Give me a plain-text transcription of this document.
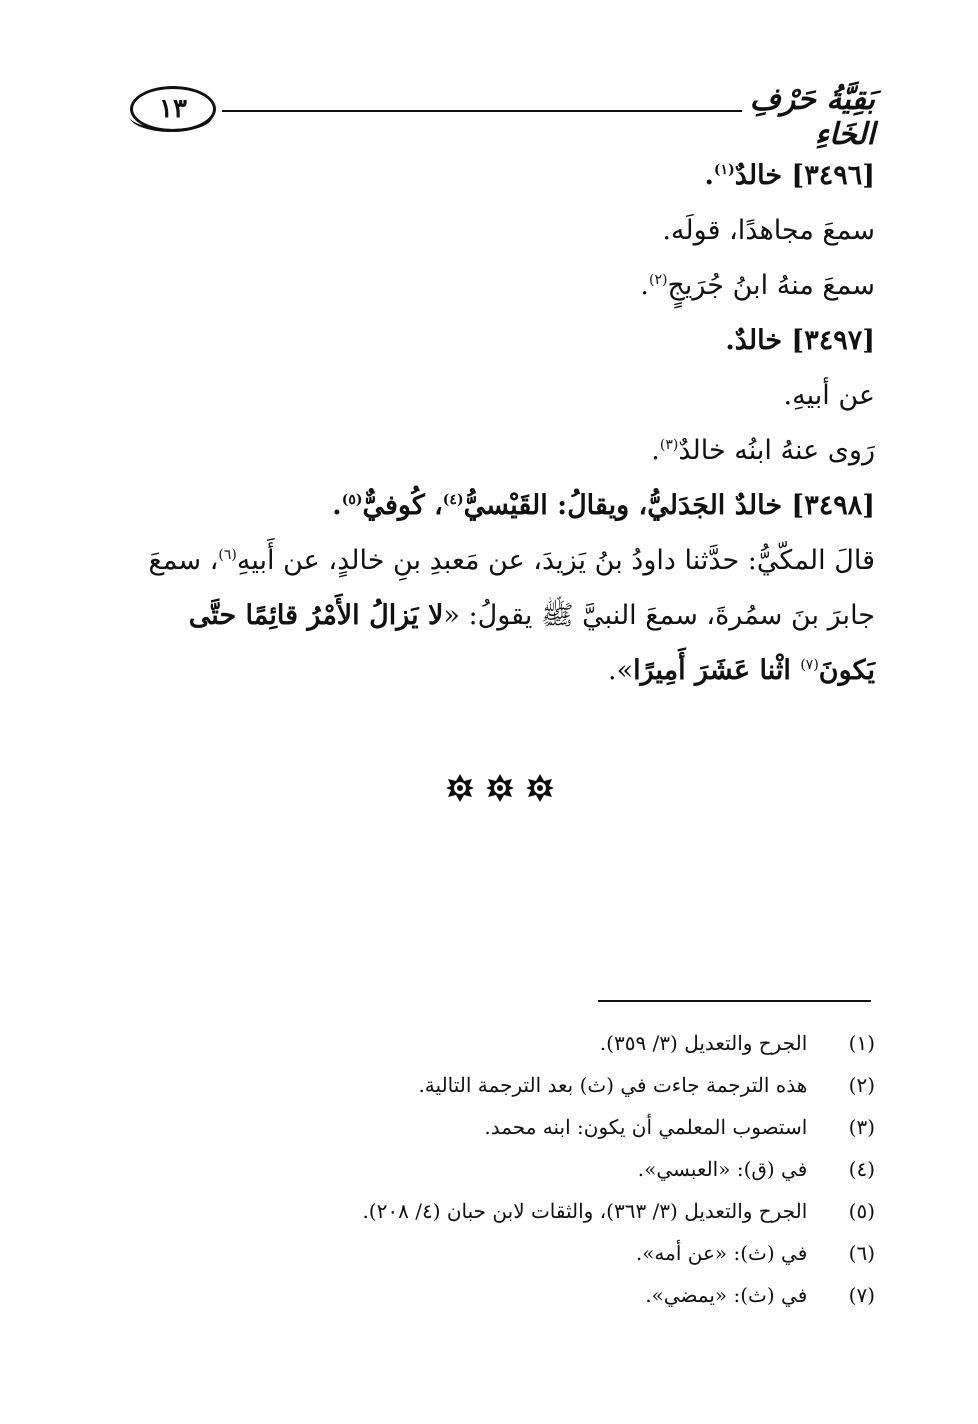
١٣	بَقِيَّةُ حَرْفِ الخَاءِ

[٣٤٩٦] خالدٌ$^{(١)}$.

سمعَ مجاهدًا، قولَه.

سمعَ منهُ ابنُ جُرَيجٍ$^{(٢)}$.

[٣٤٩٧] خالدٌ.

عن أبيهِ.

رَوى عنهُ ابنُه خالدٌ$^{(٣)}$.

[٣٤٩٨] خالدٌ الجَدَليُّ، ويقالُ: القَيْسيُّ$^{(٤)}$، كُوفيٌّ$^{(٥)}$.

قالَ المكّيُّ: حدَّثنا داودُ بنُ يَزيدَ، عن مَعبدِ بنِ خالدٍ، عن أَبيهِ$^{(٦)}$، سمعَ جابرَ بنَ سمُرةَ، سمعَ النبيَّ ﷺ يقولُ: «لا يَزالُ الأَمْرُ قائِمًا حتَّى يَكونَ$^{(٧)}$ اثْنا عَشَرَ أَمِيرًا».

(١)  الجرح والتعديل (٣/ ٣٥٩).
(٢)  هذه الترجمة جاءت في (ث) بعد الترجمة التالية.
(٣)  استصوب المعلمي أن يكون: ابنه محمد.
(٤)  في (ق): «العبسي».
(٥)  الجرح والتعديل (٣/ ٣٦٣)، والثقات لابن حبان (٤/ ٢٠٨).
(٦)  في (ث): «عن أمه».
(٧)  في (ث): «يمضي».
